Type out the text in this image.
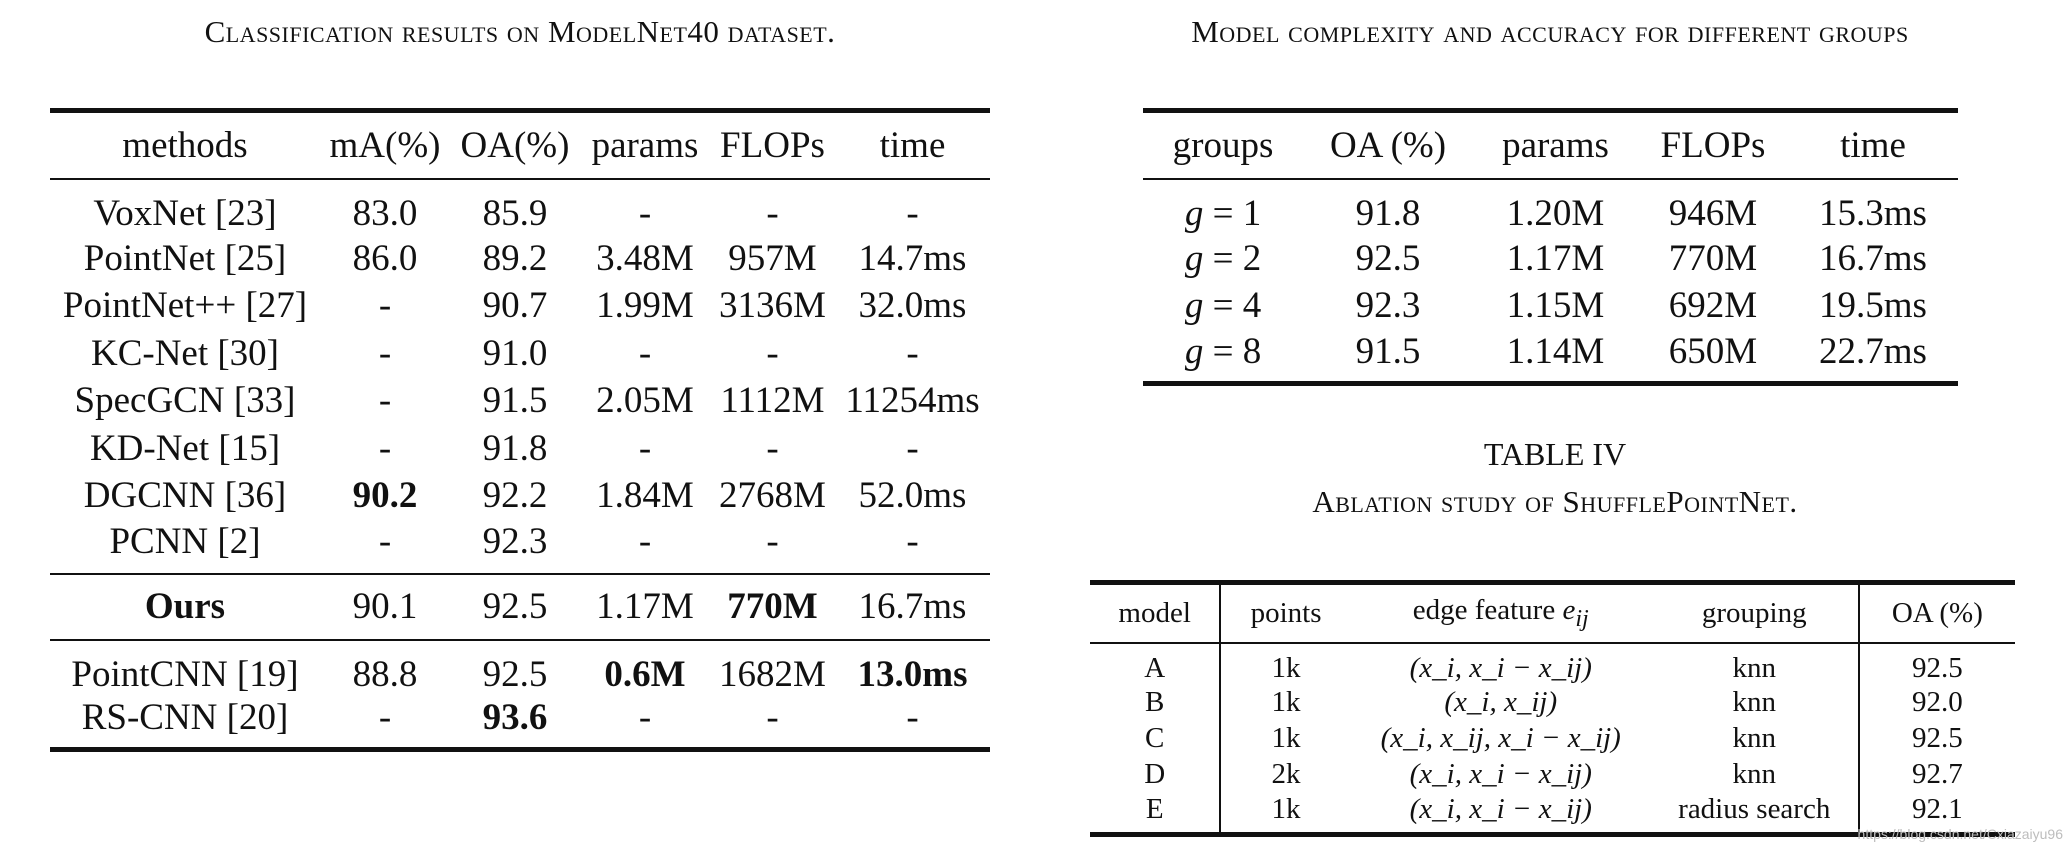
Classification results on ModelNet40 dataset.
methods	mA(%)	OA(%)	params	FLOPs	time
VoxNet [23]	83.0	85.9	-	-	-
PointNet [25]	86.0	89.2	3.48M	957M	14.7ms
PointNet++ [27]	-	90.7	1.99M	3136M	32.0ms
KC-Net [30]	-	91.0	-	-	-
SpecGCN [33]	-	91.5	2.05M	1112M	11254ms
KD-Net [15]	-	91.8	-	-	-
DGCNN [36]	90.2	92.2	1.84M	2768M	52.0ms
PCNN [2]	-	92.3	-	-	-
Ours	90.1	92.5	1.17M	770M	16.7ms
PointCNN [19]	88.8	92.5	0.6M	1682M	13.0ms
RS-CNN [20]	-	93.6	-	-	-
Model complexity and accuracy for different groups
groups	OA (%)	params	FLOPs	time
g = 1	91.8	1.20M	946M	15.3ms
g = 2	92.5	1.17M	770M	16.7ms
g = 4	92.3	1.15M	692M	19.5ms
g = 8	91.5	1.14M	650M	22.7ms
TABLE IV
Ablation study of ShufflePointNet.
model	points	edge feature $e_{ij}$	grouping	OA (%)
A	1k	(x_i, x_i − x_ij)	knn	92.5
B	1k	(x_i, x_ij)	knn	92.0
C	1k	(x_i, x_ij, x_i − x_ij)	knn	92.5
D	2k	(x_i, x_i − x_ij)	knn	92.7
E	1k	(x_i, x_i − x_ij)	radius search	92.1
https://blog.csdn.net/Cxiazaiyu96
